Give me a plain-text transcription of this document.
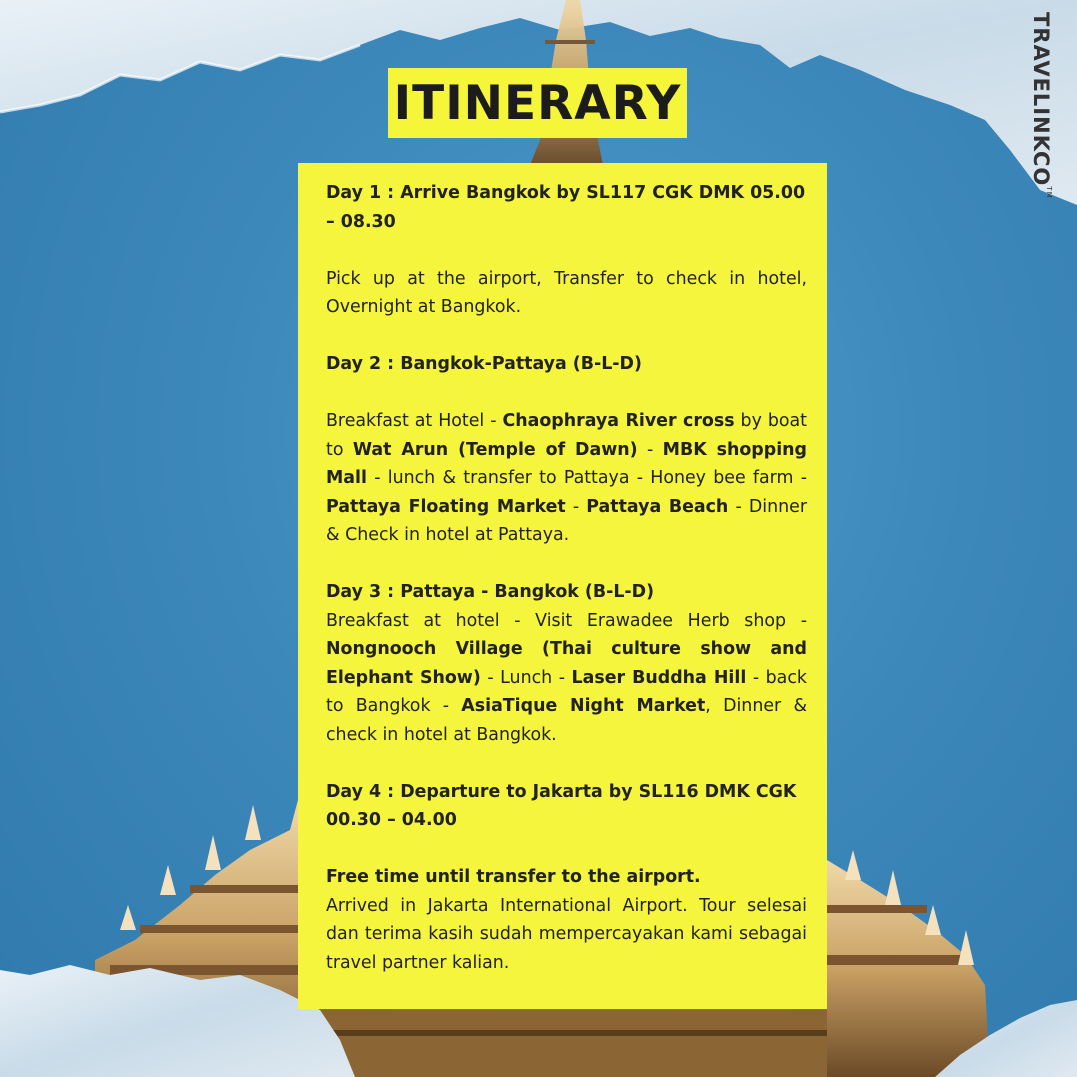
TRAVELINKCO™
ITINERARY

Day 1 : Arrive Bangkok by SL117 CGK DMK 05.00 – 08.30

Pick up at the airport, Transfer to check in hotel, Overnight at Bangkok.

Day 2 : Bangkok-Pattaya (B-L-D)

Breakfast at Hotel - Chaophraya River cross by boat to Wat Arun (Temple of Dawn) - MBK shopping Mall - lunch & transfer to Pattaya - Honey bee farm - Pattaya Floating Market - Pattaya Beach - Dinner & Check in hotel at Pattaya.

Day 3 : Pattaya - Bangkok (B-L-D)

Breakfast at hotel - Visit Erawadee Herb shop - Nongnooch Village (Thai culture show and Elephant Show) - Lunch - Laser Buddha Hill - back to Bangkok - AsiaTique Night Market, Dinner & check in hotel at Bangkok.

Day 4 : Departure to Jakarta by SL116 DMK CGK 00.30 – 04.00

Free time until transfer to the airport.

Arrived in Jakarta International Airport. Tour selesai dan terima kasih sudah mempercayakan kami sebagai travel partner kalian.
